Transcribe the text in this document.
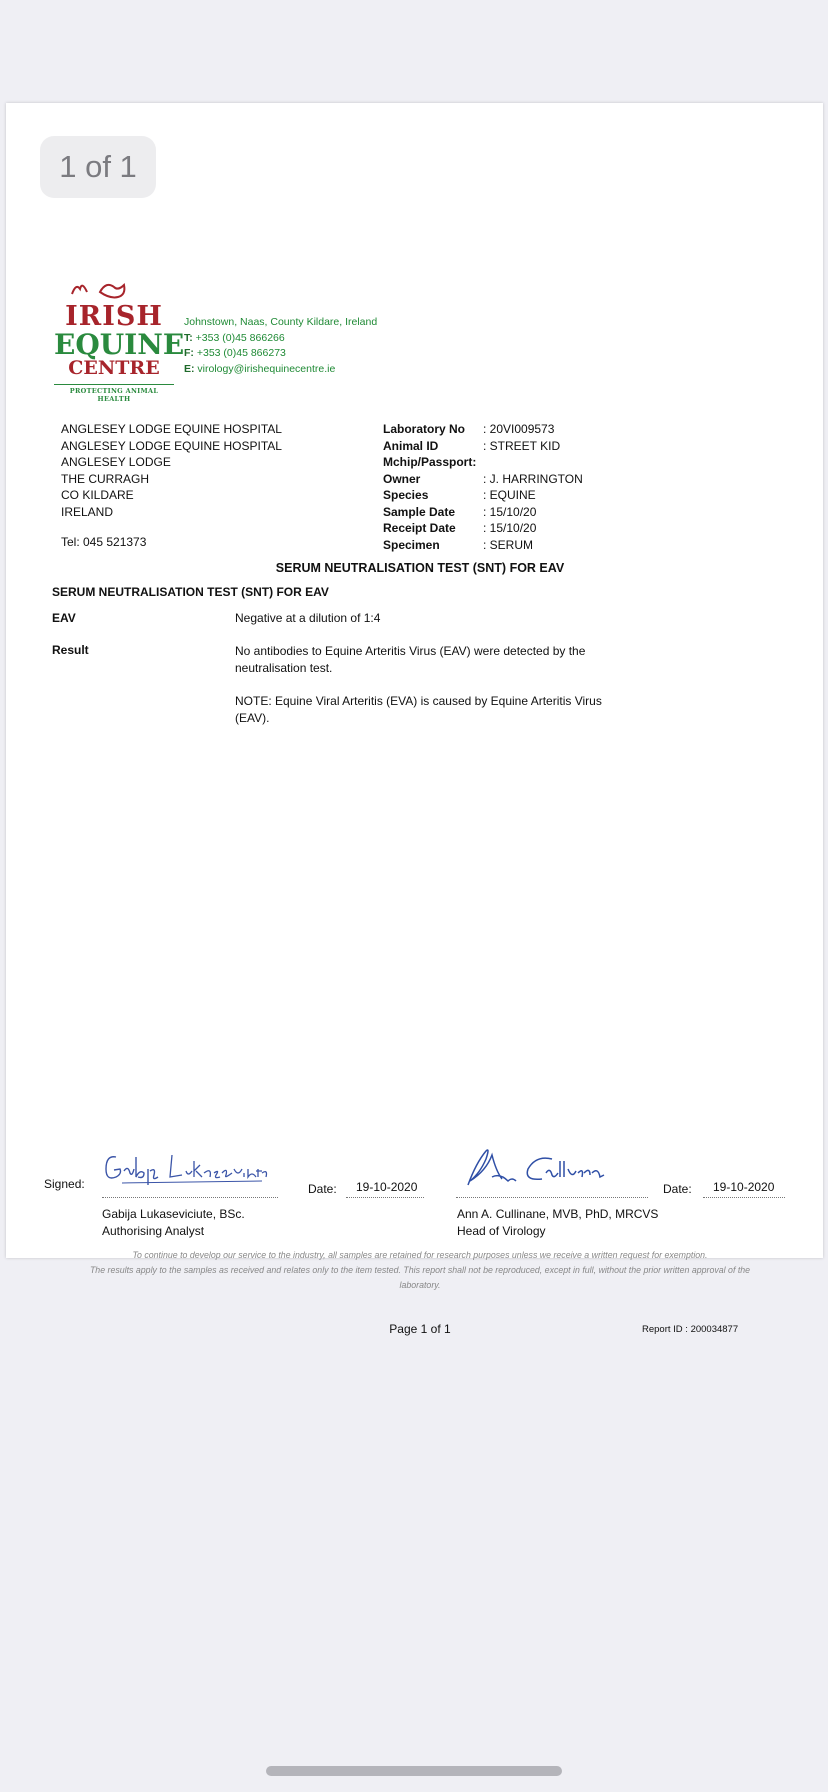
IRISH
EQUINE
CENTRE
PROTECTING ANIMAL HEALTH
Johnstown, Naas, County Kildare, Ireland
T: +353 (0)45 866266
F: +353 (0)45 866273
E: virology@irishequinecentre.ie
ANGLESEY LODGE EQUINE HOSPITAL
ANGLESEY LODGE EQUINE HOSPITAL
ANGLESEY LODGE
THE CURRAGH
CO KILDARE
IRELAND
Tel: 045 521373
Laboratory No	: 20VI009573
Animal ID	: STREET KID
Mchip/Passport:
Owner	: J. HARRINGTON
Species	: EQUINE
Sample Date	: 15/10/20
Receipt Date	: 15/10/20
Specimen	: SERUM
SERUM NEUTRALISATION TEST (SNT) FOR EAV
SERUM NEUTRALISATION TEST (SNT) FOR EAV
EAV	Negative at a dilution of 1:4
Result	No antibodies to Equine Arteritis Virus (EAV) were detected by the neutralisation test.
NOTE: Equine Viral Arteritis (EVA) is caused by Equine Arteritis Virus (EAV).
Signed:	Date: 19-10-2020	Date: 19-10-2020
Gabija Lukaseviciute, BSc.
Authorising Analyst
Ann A. Cullinane, MVB, PhD, MRCVS
Head of Virology
To continue to develop our service to the industry, all samples are retained for research purposes unless we receive a written request for exemption.
The results apply to the samples as received and relates only to the item tested. This report shall not be reproduced, except in full, without the prior written approval of the laboratory.
Page 1 of 1	Report ID : 200034877
1 of 1
